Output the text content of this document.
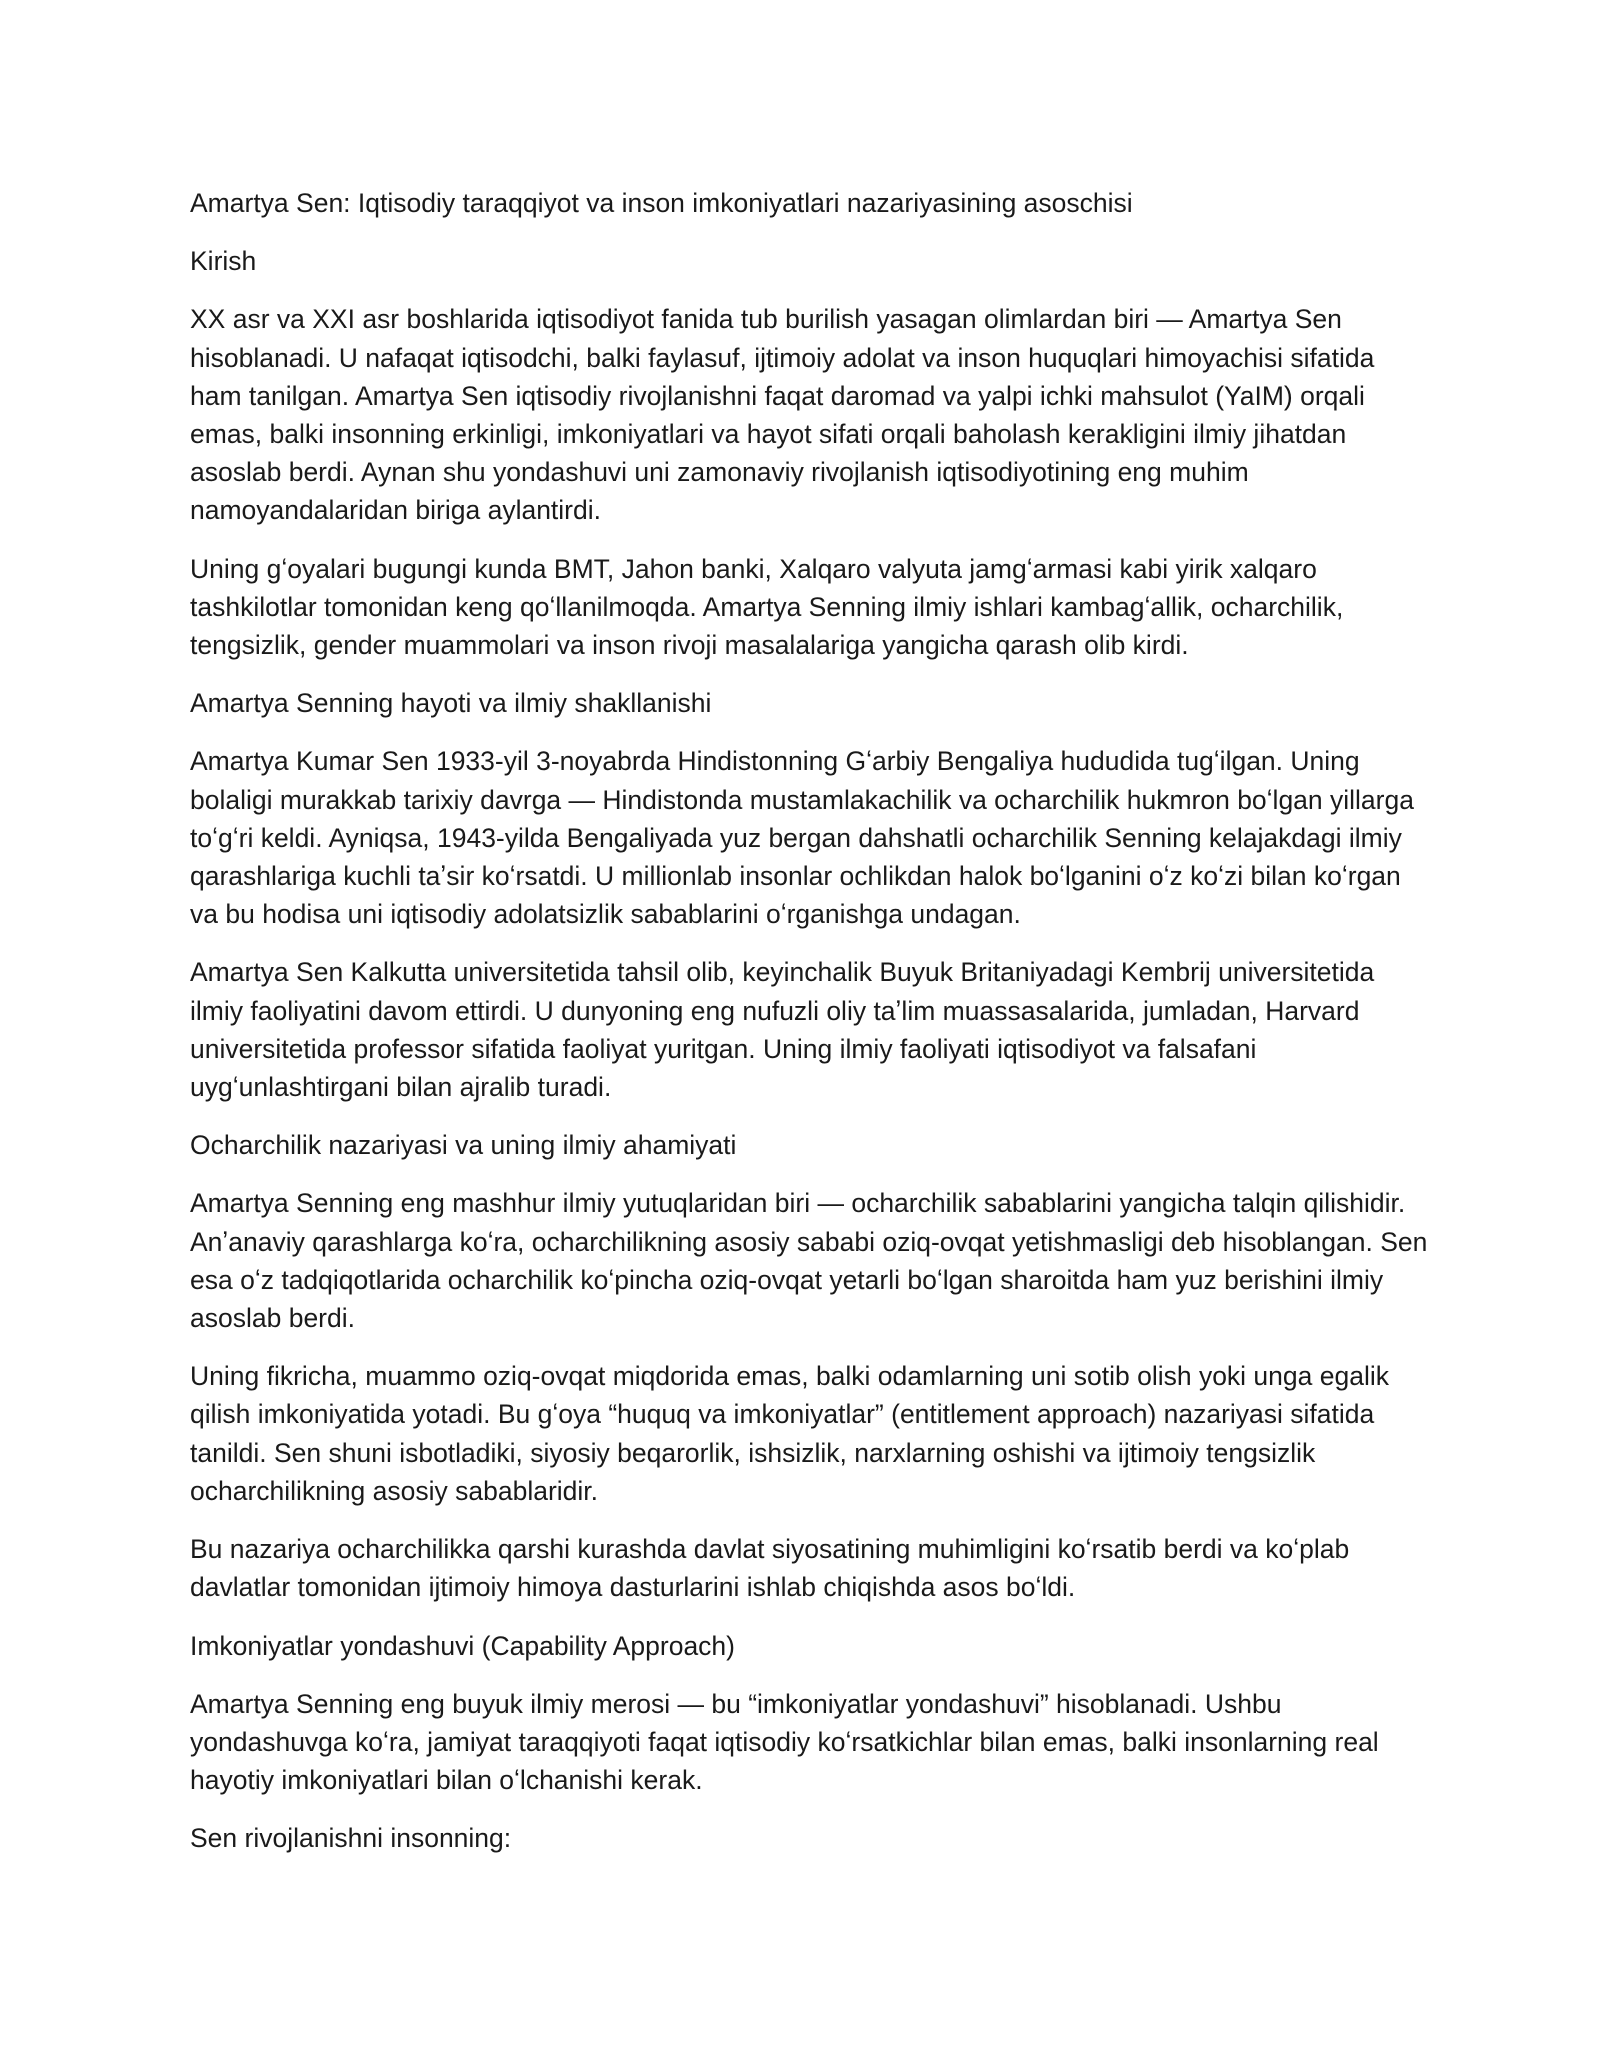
Amartya Sen: Iqtisodiy taraqqiyot va inson imkoniyatlari nazariyasining asoschisi

Kirish

XX asr va XXI asr boshlarida iqtisodiyot fanida tub burilish yasagan olimlardan biri — Amartya Sen hisoblanadi. U nafaqat iqtisodchi, balki faylasuf, ijtimoiy adolat va inson huquqlari himoyachisi sifatida ham tanilgan. Amartya Sen iqtisodiy rivojlanishni faqat daromad va yalpi ichki mahsulot (YaIM) orqali emas, balki insonning erkinligi, imkoniyatlari va hayot sifati orqali baholash kerakligini ilmiy jihatdan asoslab berdi. Aynan shu yondashuvi uni zamonaviy rivojlanish iqtisodiyotining eng muhim namoyandalaridan biriga aylantirdi.

Uning gʻoyalari bugungi kunda BMT, Jahon banki, Xalqaro valyuta jamgʻarmasi kabi yirik xalqaro tashkilotlar tomonidan keng qoʻllanilmoqda. Amartya Senning ilmiy ishlari kambagʻallik, ocharchilik, tengsizlik, gender muammolari va inson rivoji masalalariga yangicha qarash olib kirdi.

Amartya Senning hayoti va ilmiy shakllanishi

Amartya Kumar Sen 1933-yil 3-noyabrda Hindistonning Gʻarbiy Bengaliya hududida tugʻilgan. Uning bolaligi murakkab tarixiy davrga — Hindistonda mustamlakachilik va ocharchilik hukmron boʻlgan yillarga toʻgʻri keldi. Ayniqsa, 1943-yilda Bengaliyada yuz bergan dahshatli ocharchilik Senning kelajakdagi ilmiy qarashlariga kuchli taʼsir koʻrsatdi. U millionlab insonlar ochlikdan halok boʻlganini oʻz koʻzi bilan koʻrgan va bu hodisa uni iqtisodiy adolatsizlik sabablarini oʻrganishga undagan.

Amartya Sen Kalkutta universitetida tahsil olib, keyinchalik Buyuk Britaniyadagi Kembrij universitetida ilmiy faoliyatini davom ettirdi. U dunyoning eng nufuzli oliy taʼlim muassasalarida, jumladan, Harvard universitetida professor sifatida faoliyat yuritgan. Uning ilmiy faoliyati iqtisodiyot va falsafani uygʻunlashtirgani bilan ajralib turadi.

Ocharchilik nazariyasi va uning ilmiy ahamiyati

Amartya Senning eng mashhur ilmiy yutuqlaridan biri — ocharchilik sabablarini yangicha talqin qilishidir. Anʼanaviy qarashlarga koʻra, ocharchilikning asosiy sababi oziq-ovqat yetishmasligi deb hisoblangan. Sen esa oʻz tadqiqotlarida ocharchilik koʻpincha oziq-ovqat yetarli boʻlgan sharoitda ham yuz berishini ilmiy asoslab berdi.

Uning fikricha, muammo oziq-ovqat miqdorida emas, balki odamlarning uni sotib olish yoki unga egalik qilish imkoniyatida yotadi. Bu gʻoya “huquq va imkoniyatlar” (entitlement approach) nazariyasi sifatida tanildi. Sen shuni isbotladiki, siyosiy beqarorlik, ishsizlik, narxlarning oshishi va ijtimoiy tengsizlik ocharchilikning asosiy sabablaridir.

Bu nazariya ocharchilikka qarshi kurashda davlat siyosatining muhimligini koʻrsatib berdi va koʻplab davlatlar tomonidan ijtimoiy himoya dasturlarini ishlab chiqishda asos boʻldi.

Imkoniyatlar yondashuvi (Capability Approach)

Amartya Senning eng buyuk ilmiy merosi — bu “imkoniyatlar yondashuvi” hisoblanadi. Ushbu yondashuvga koʻra, jamiyat taraqqiyoti faqat iqtisodiy koʻrsatkichlar bilan emas, balki insonlarning real hayotiy imkoniyatlari bilan oʻlchanishi kerak.

Sen rivojlanishni insonning:
